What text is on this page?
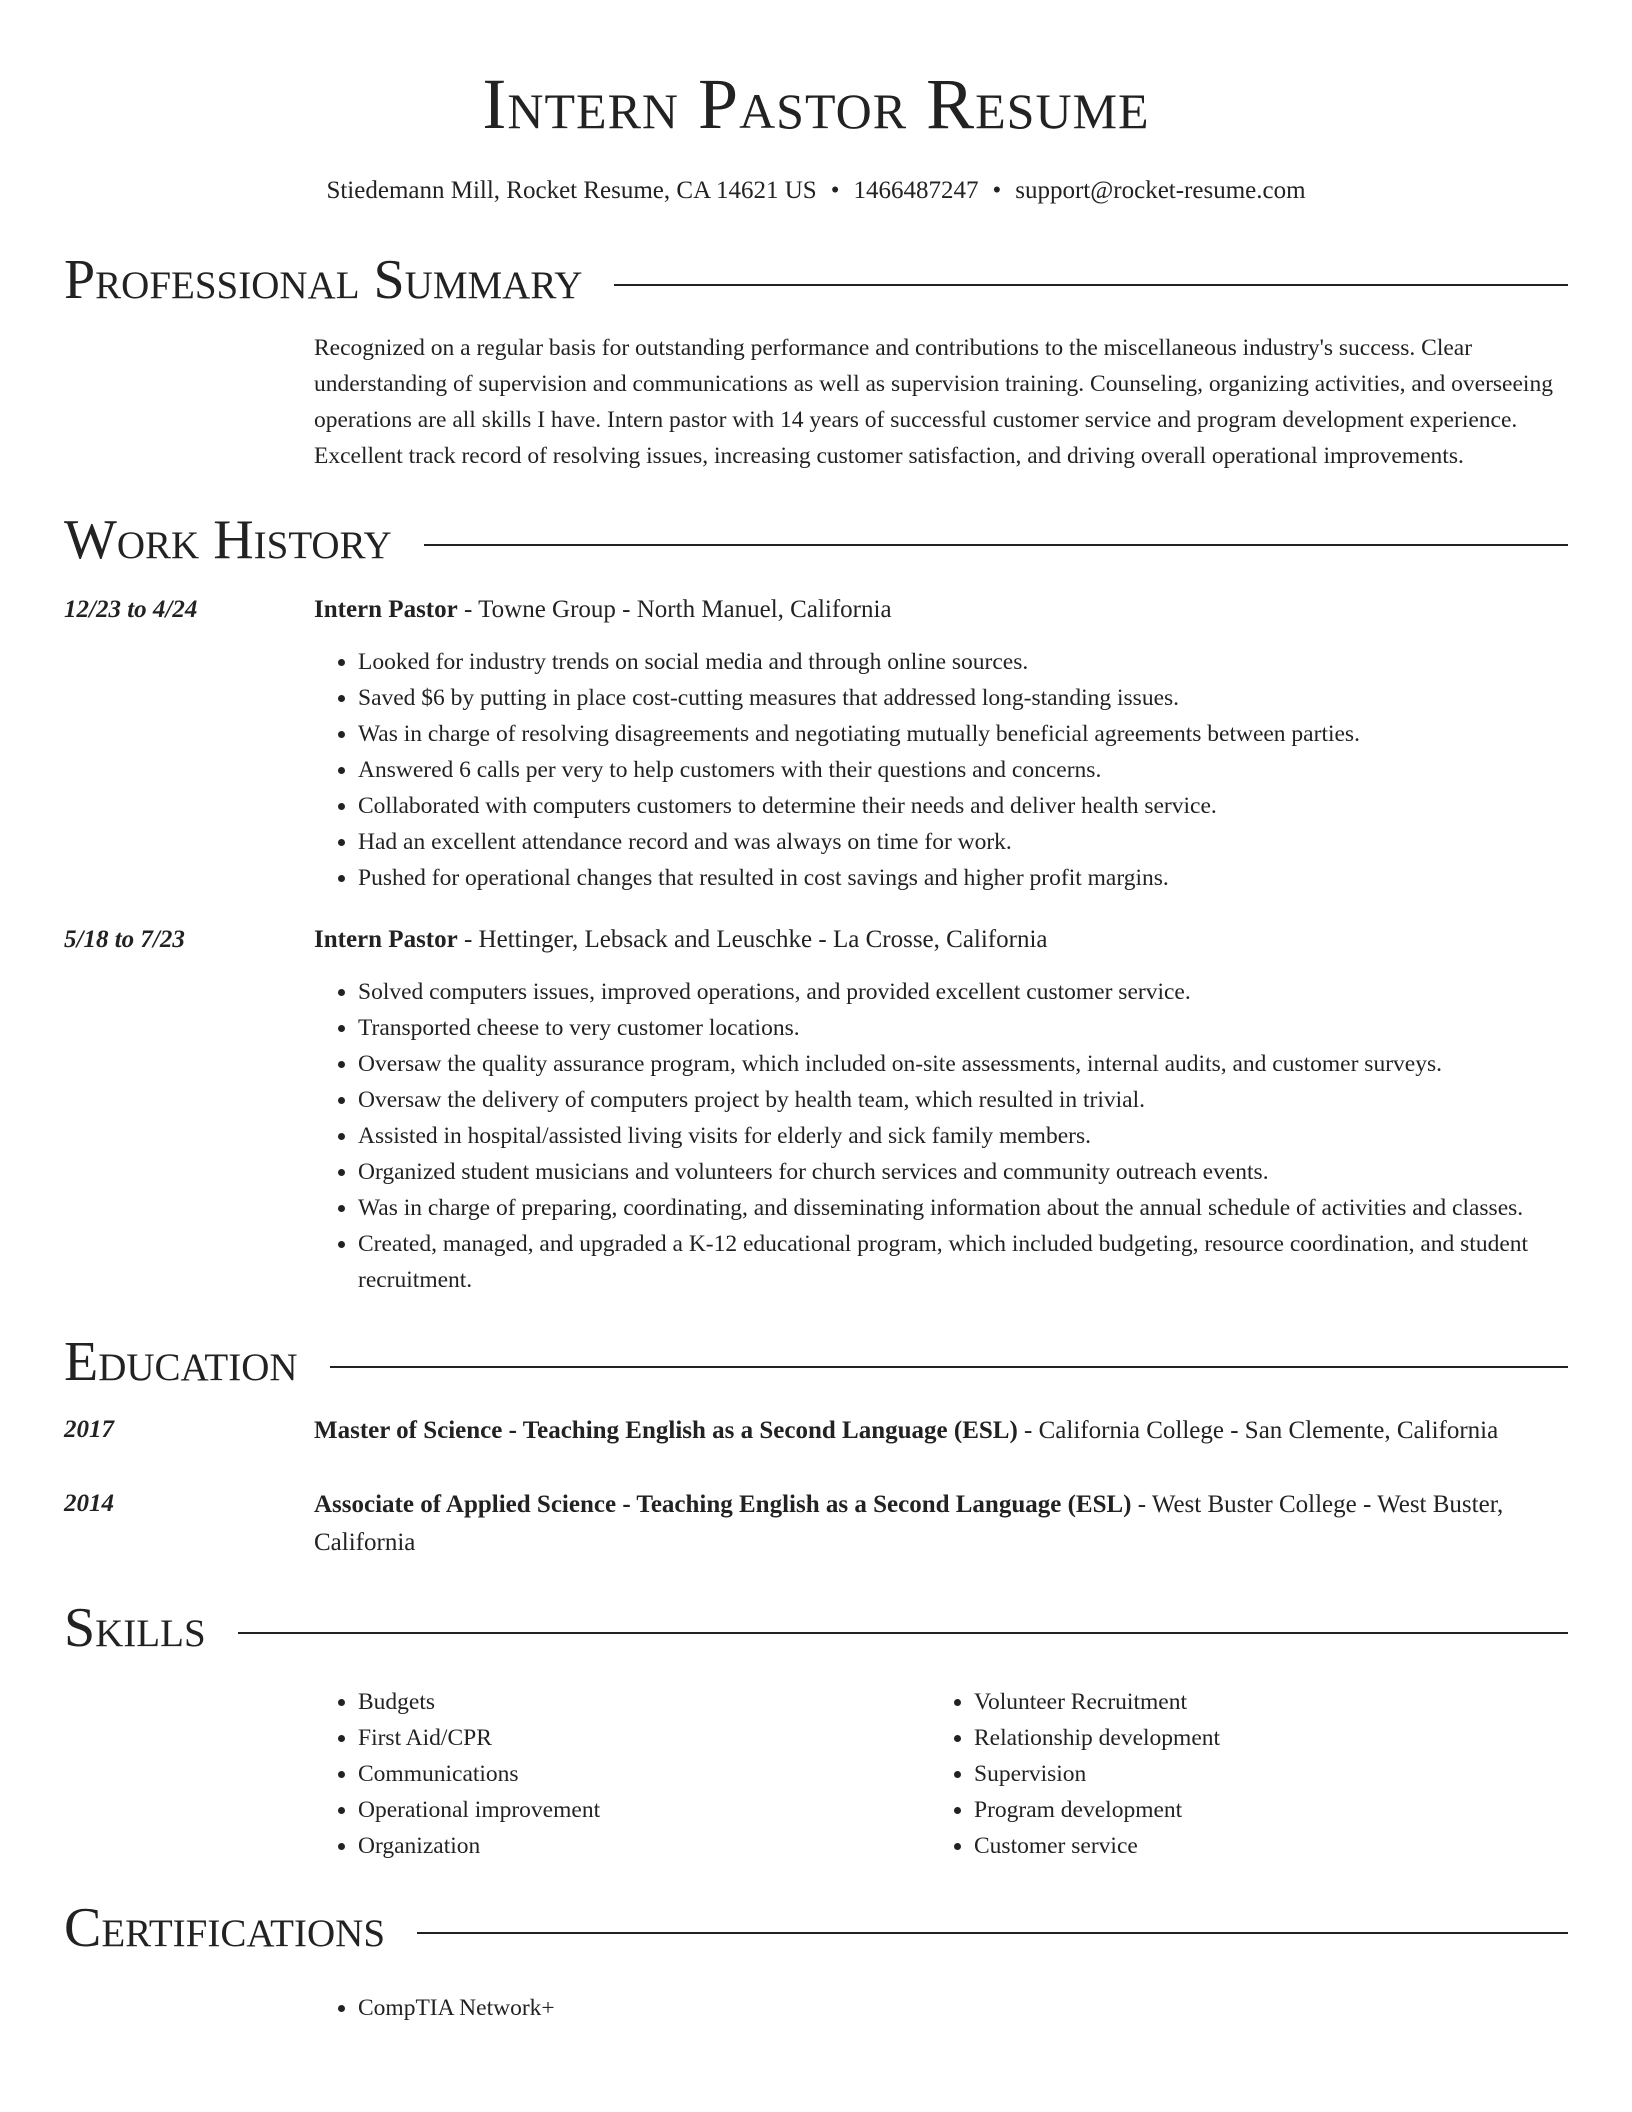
Intern Pastor Resume
Stiedemann Mill, Rocket Resume, CA 14621 US • 1466487247 • support@rocket-resume.com
Professional Summary
Recognized on a regular basis for outstanding performance and contributions to the miscellaneous industry's success. Clear understanding of supervision and communications as well as supervision training. Counseling, organizing activities, and overseeing operations are all skills I have. Intern pastor with 14 years of successful customer service and program development experience. Excellent track record of resolving issues, increasing customer satisfaction, and driving overall operational improvements.
Work History
12/23 to 4/24	Intern Pastor - Towne Group - North Manuel, California
• Looked for industry trends on social media and through online sources.
• Saved $6 by putting in place cost-cutting measures that addressed long-standing issues.
• Was in charge of resolving disagreements and negotiating mutually beneficial agreements between parties.
• Answered 6 calls per very to help customers with their questions and concerns.
• Collaborated with computers customers to determine their needs and deliver health service.
• Had an excellent attendance record and was always on time for work.
• Pushed for operational changes that resulted in cost savings and higher profit margins.
5/18 to 7/23	Intern Pastor - Hettinger, Lebsack and Leuschke - La Crosse, California
• Solved computers issues, improved operations, and provided excellent customer service.
• Transported cheese to very customer locations.
• Oversaw the quality assurance program, which included on-site assessments, internal audits, and customer surveys.
• Oversaw the delivery of computers project by health team, which resulted in trivial.
• Assisted in hospital/assisted living visits for elderly and sick family members.
• Organized student musicians and volunteers for church services and community outreach events.
• Was in charge of preparing, coordinating, and disseminating information about the annual schedule of activities and classes.
• Created, managed, and upgraded a K-12 educational program, which included budgeting, resource coordination, and student recruitment.
Education
2017	Master of Science - Teaching English as a Second Language (ESL) - California College - San Clemente, California
2014	Associate of Applied Science - Teaching English as a Second Language (ESL) - West Buster College - West Buster, California
Skills
• Budgets
• First Aid/CPR
• Communications
• Operational improvement
• Organization
• Volunteer Recruitment
• Relationship development
• Supervision
• Program development
• Customer service
Certifications
• CompTIA Network+
